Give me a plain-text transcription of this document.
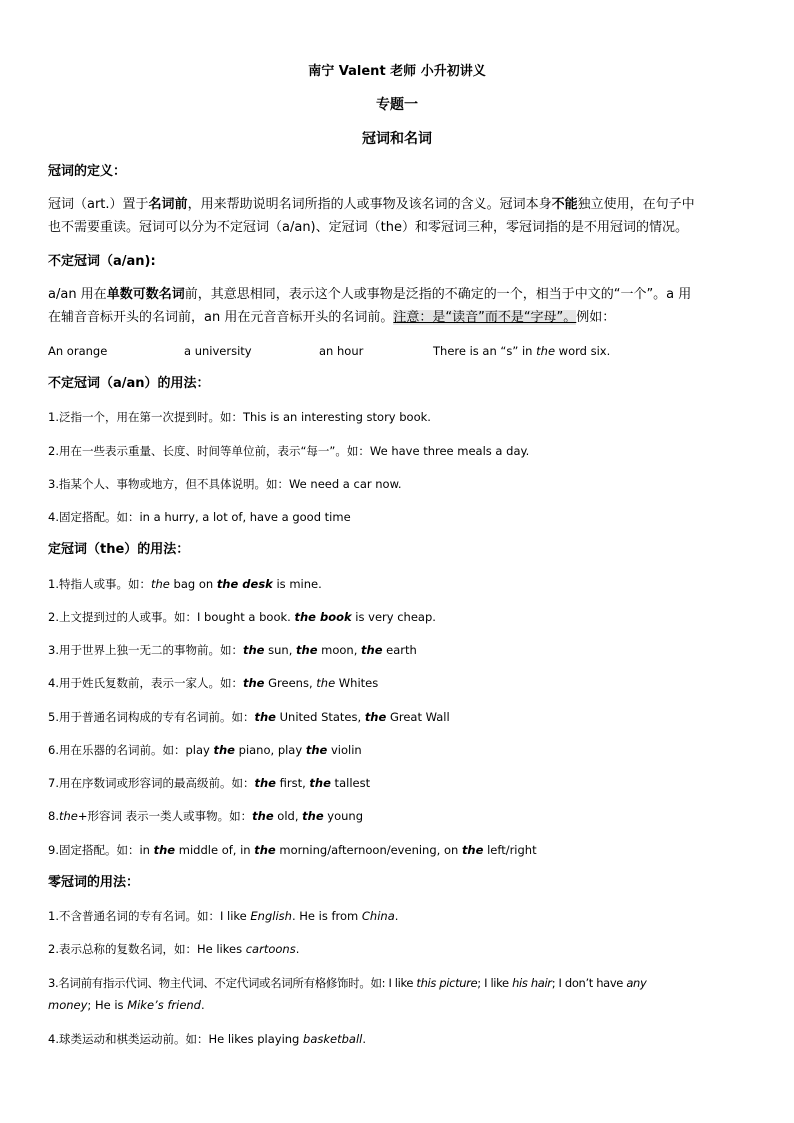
南宁 Valent 老师 小升初讲义
专题一
冠词和名词
冠词的定义：
冠词（art.）置于名词前，用来帮助说明名词所指的人或事物及该名词的含义。冠词本身不能独立使用，在句子中
也不需要重读。冠词可以分为不定冠词（a/an)、定冠词（the）和零冠词三种，零冠词指的是不用冠词的情况。
不定冠词（a/an):
a/an 用在单数可数名词前，其意思相同，表示这个人或事物是泛指的不确定的一个，相当于中文的“一个”。a 用
在辅音音标开头的名词前，an 用在元音音标开头的名词前。注意：是“读音”而不是“字母”。例如：
An orange	a university	an hour	There is an “s” in the word six.
不定冠词（a/an）的用法：
1.泛指一个，用在第一次提到时。如：This is an interesting story book.
2.用在一些表示重量、长度、时间等单位前，表示“每一”。如：We have three meals a day.
3.指某个人、事物或地方，但不具体说明。如：We need a car now.
4.固定搭配。如：in a hurry, a lot of, have a good time
定冠词（the）的用法：
1.特指人或事。如：the bag on the desk is mine.
2.上文提到过的人或事。如：I bought a book. the book is very cheap.
3.用于世界上独一无二的事物前。如：the sun, the moon, the earth
4.用于姓氏复数前，表示一家人。如：the Greens, the Whites
5.用于普通名词构成的专有名词前。如：the United States, the Great Wall
6.用在乐器的名词前。如：play the piano, play the violin
7.用在序数词或形容词的最高级前。如：the first, the tallest
8.the+形容词 表示一类人或事物。如：the old, the young
9.固定搭配。如：in the middle of, in the morning/afternoon/evening, on the left/right
零冠词的用法：
1.不含普通名词的专有名词。如：I like English. He is from China.
2.表示总称的复数名词，如：He likes cartoons.
3.名词前有指示代词、物主代词、不定代词或名词所有格修饰时。如: I like this picture; I like his hair; I don’t have any
money; He is Mike’s friend.
4.球类运动和棋类运动前。如：He likes playing basketball.
